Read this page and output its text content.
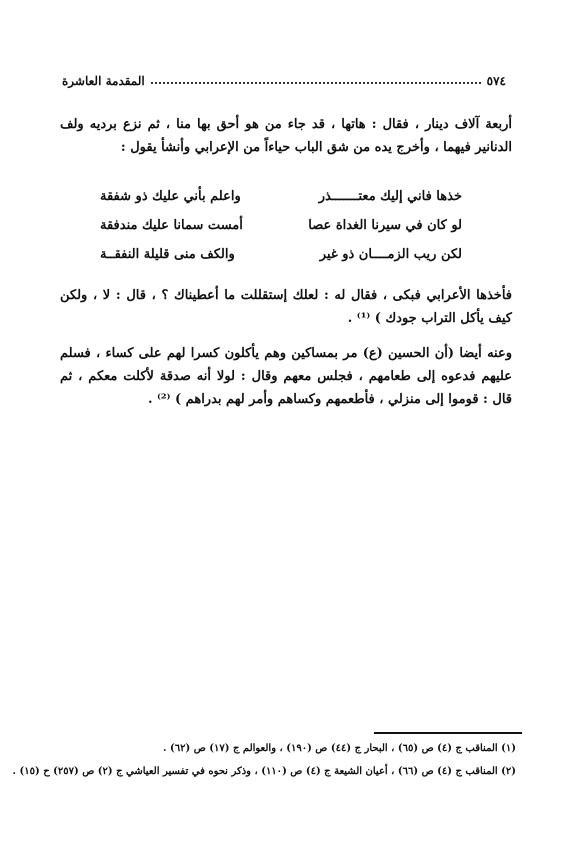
٥٧٤
المقدمة العاشرة
أربعة آلاف دينار ، فقال : هاتها ، قد جاء من هو أحق بها منا ، ثم نزع برديه ولف الدنانير فيهما ، وأخرج يده من شق الباب حياءاً من الإعرابي وأنشأ يقول :
خذها فاني إليك معتـــــــذر
واعلم بأني عليك ذو شفقة
لو كان في سيرنا الغداة عصا
أمست سمانا عليك مندفقة
لكن ريب الزمــــان ذو غير
والكف منى قليلة النفقــة
فأخذها الأعرابي فبكى ، فقال له : لعلك إستقللت ما أعطيناك ؟ ، قال : لا ، ولكن كيف يأكل التراب جودك ) ⁽¹⁾ .
وعنه أيضا (أن الحسين (ع) مر بمساكين وهم يأكلون كسرا لهم على كساء ، فسلم عليهم فدعوه إلى طعامهم ، فجلس معهم وقال : لولا أنه صدقة لأكلت معكم ، ثم قال : قوموا إلى منزلي ، فأطعمهم وكساهم وأمر لهم بدراهم ) ⁽²⁾ .
(١) المناقب ج (٤) ص (٦٥) ، البحار ج (٤٤) ص (١٩٠) ، والعوالم ج (١٧) ص (٦٢) .
(٢) المناقب ج (٤) ص (٦٦) ، أعيان الشيعة ج (٤) ص (١١٠) ، وذكر نحوه في تفسير العياشي ج (٢) ص (٢٥٧) ح (١٥) .
